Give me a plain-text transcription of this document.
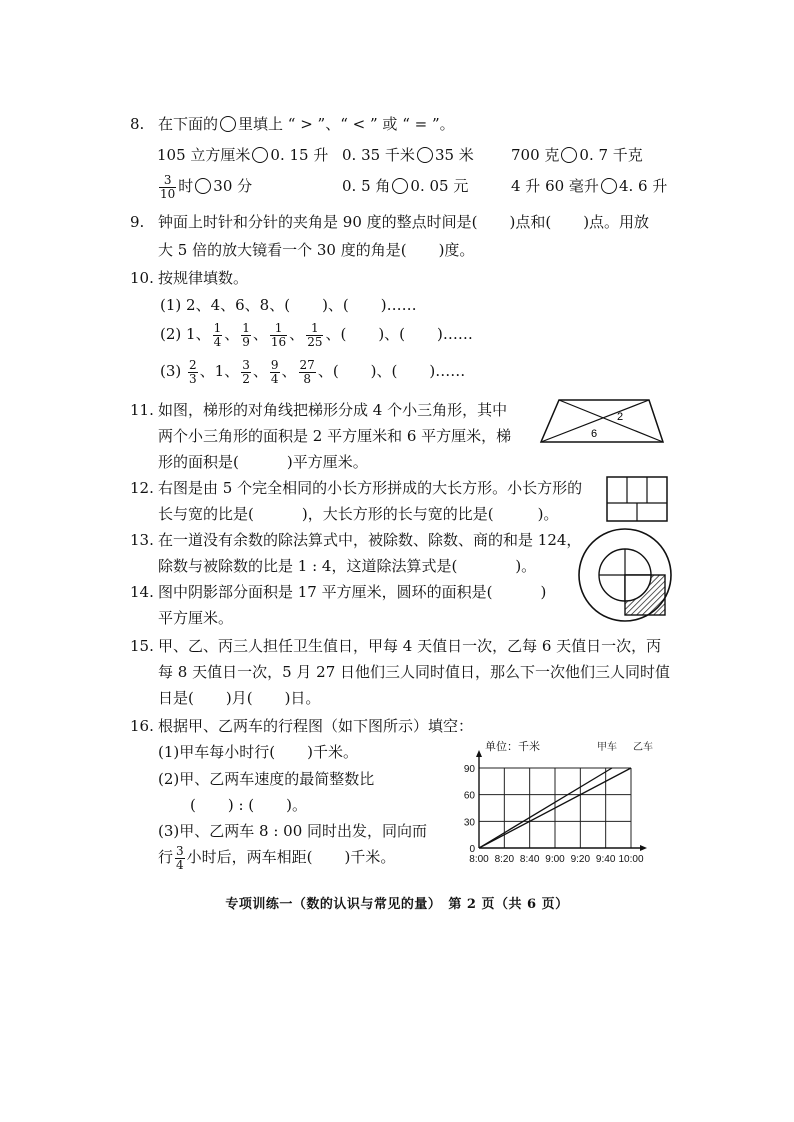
8. 在下面的 里填上 “ > ”、“ < ” 或 “ = ”。
105 立方厘米 0. 15 升 0. 35 千米 35 米 700 克 0. 7 千克
$\frac{3}{10}$ 时 30 分	0. 5 角 0. 05 元	4 升 60 毫升 4. 6 升
9. 钟面上时针和分针的夹角是 90 度的整点时间是( )点和( )点。用放
大 5 倍的放大镜看一个 30 度的角是( )度。
10. 按规律填数。
(1) 2、4、6、8、( )、( )……
(2) 1、 $\frac{1}{4}$ 、 $\frac{1}{9}$ 、 $\frac{1}{16}$ 、 $\frac{1}{25}$ 、( )、( )……
$(3) \frac{2}{3}$ 、1、 $\frac{3}{2}$ 、 $\frac{9}{4}$ 、 $\frac{27}{8}$ 、( )、( )……
11. 如图，梯形的对角线把梯形分成 4 个小三角形，其中
两个小三角形的面积是 2 平方厘米和 6 平方厘米，梯
形的面积是(	)平方厘米。
2
6
12. 右图是由 5 个完全相同的小长方形拼成的大长方形。小长方形的
长与宽的比是(	)，大长方形的长与宽的比是(	)。
13. 在一道没有余数的除法算式中，被除数、除数、商的和是 124，
除数与被除数的比是 1 : 4，这道除法算式是(	)。
14. 图中阴影部分面积是 17 平方厘米，圆环的面积是(	)
平方厘米。
15. 甲、乙、丙三人担任卫生值日，甲每 4 天值日一次，乙每 6 天值日一次，丙
每 8 天值日一次，5 月 27 日他们三人同时值日，那么下一次他们三人同时值
日是( )月( )日。
16. 根据甲、乙两车的行程图（如下图所示）填空：
(1)甲车每小时行( )千米。
(2)甲、乙两车速度的最简整数比
( ) : ( )。
(3)甲、乙两车 8 : 00 同时出发，同向而
行 $\frac{3}{4}$ 小时后，两车相距( )千米。	8:00 8:20 8:40 9:00 9:20 9:40 10:00
0
30
60
90
单位：千米	甲车 乙车
专项训练一（数的认识与常见的量）　第 2 页（共 6 页）
